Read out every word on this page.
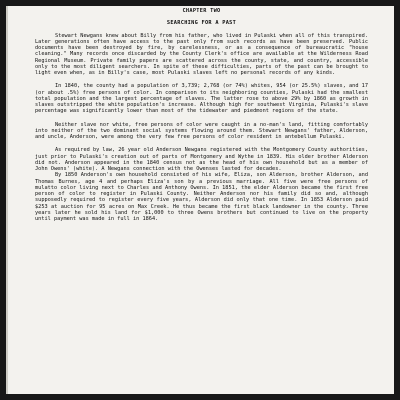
CHAPTER TWO
SEARCHING FOR A PAST

Stewart Newgans knew about Billy from his father, who lived in Pulaski when all of this transpired. Later generations often have access to the past only from such records as have been preserved. Public documents have been destroyed by fire, by carelessness, or as a consequence of bureaucratic "house cleaning." Many records once discarded by the County Clerk's office are available at the Wilderness Road Regional Museum. Private family papers are scattered across the county, state, and country, accessible only to the most diligent searchers. In spite of these difficulties, parts of the past can be brought to light even when, as in Billy's case, most Pulaski slaves left no personal records of any kinds.

In 1840, the county had a population of 3,739; 2,768 (or 74%) whites, 954 (or 25.5%) slaves, and 17 (or about .5%) free persons of color. In comparison to its neighboring counties, Pulaski had the smallest total population and the largest percentage of slaves. The latter rose to above 29% by 1860 as growth in slaves outstripped the white population's increase. Although high for southwest Virginia, Pulaski's slave percentage was significantly lower than most of the tidewater and piedmont regions of the state.

Neither slave nor white, free persons of color were caught in a no-man's land, fitting comfortably into neither of the two dominant social systems flowing around them. Stewart Newgans' father, Alderson, and uncle, Anderson, were among the very few free persons of color resident in antebellum Pulaski.

As required by law, 26 year old Anderson Newgans registered with the Montgomery County authorities, just prior to Pulaski's creation out of parts of Montgomery and Wythe in 1839. His older brother Alderson did not. Anderson appeared in the 1840 census not as the head of his own household but as a member of John Owens' (white). A Newgans connection with the Owenses lasted for decades.

By 1850 Anderson's own household consisted of his wife, Eliza, son Alderson, brother Alderson, and Thomas Burnes, age 4 and perhaps Eliza's son by a previous marriage. All five were free persons of mulatto color living next to Charles and Anthony Owens. In 1851, the elder Alderson became the first free person of color to register in Pulaski County. Neither Anderson nor his family did so and, although supposedly required to register every five years, Alderson did only that one time. In 1853 Alderson paid $253 at auction for 95 acres on Max Creek. He thus became the first black landowner in the county. Three years later he sold his land for $1,000 to three Owens brothers but continued to live on the property until payment was made in full in 1864.
